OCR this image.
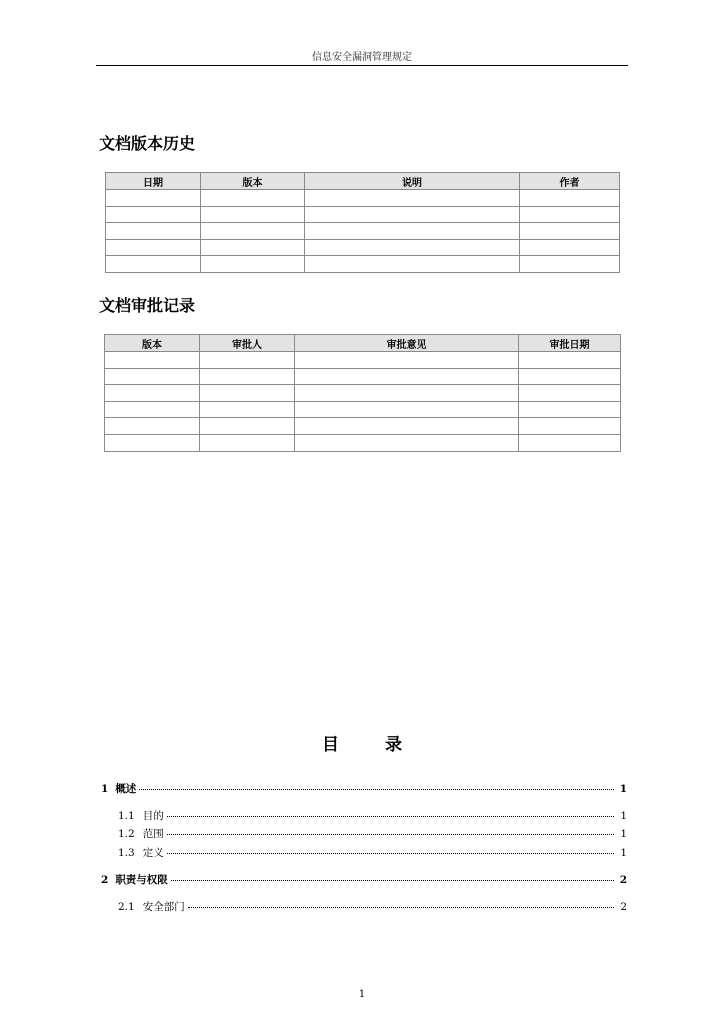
信息安全漏洞管理规定
文档版本历史
日期	版本	说明	作者

文档审批记录
版本	审批人	审批意见	审批日期

目 录
1 概述	1
1.1 目的	1
1.2 范围	1
1.3 定义	1
2 职责与权限	2
2.1 安全部门	2
1
